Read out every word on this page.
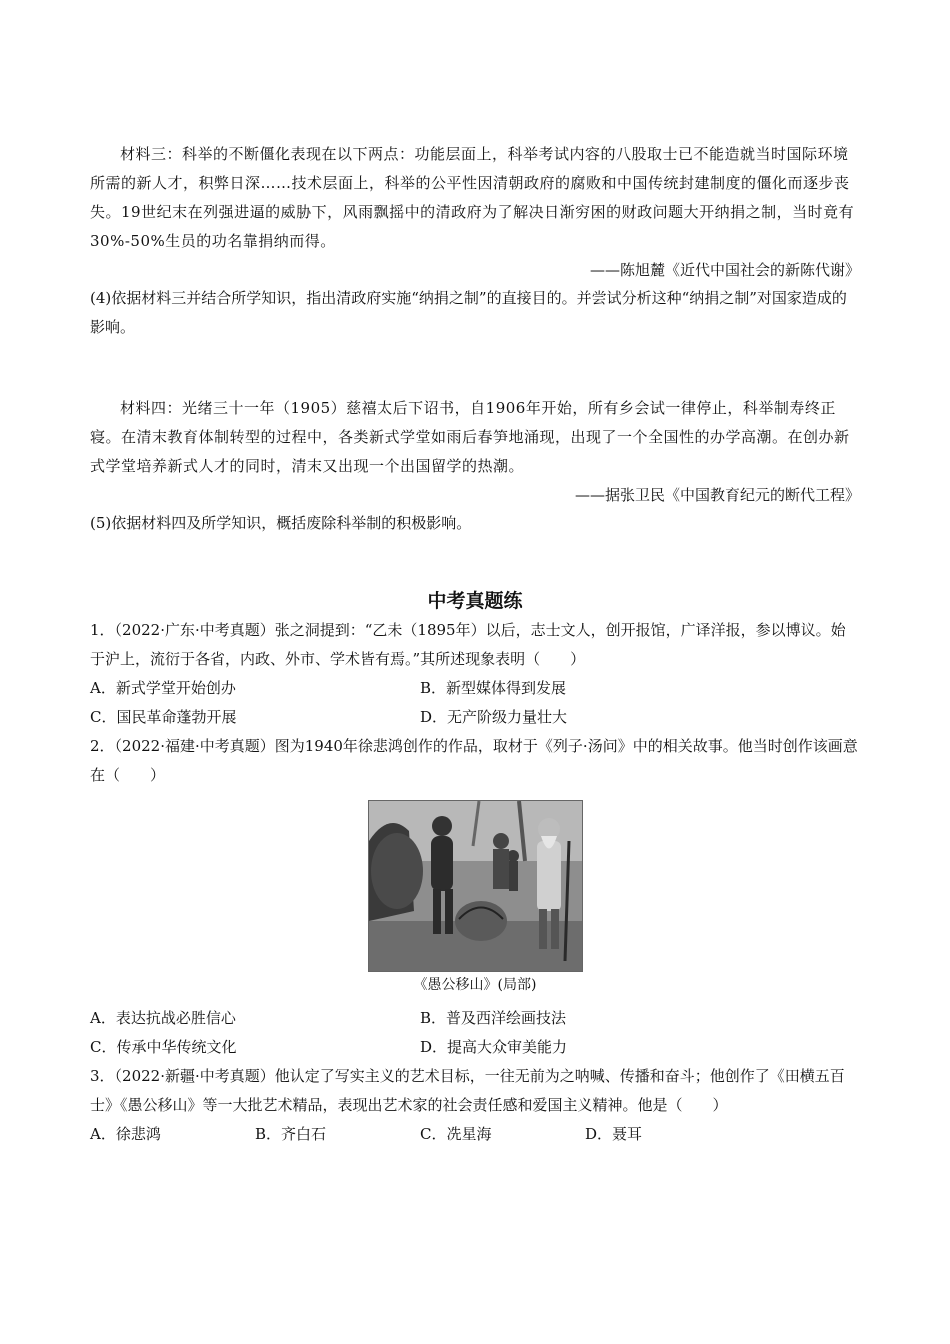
材料三：科举的不断僵化表现在以下两点：功能层面上，科举考试内容的八股取士已不能造就当时国际环境所需的新人才，积弊日深……技术层面上，科举的公平性因清朝政府的腐败和中国传统封建制度的僵化而逐步丧失。19世纪末在列强进逼的威胁下，风雨飘摇中的清政府为了解决日渐穷困的财政问题大开纳捐之制，当时竟有30%-50%生员的功名靠捐纳而得。

——陈旭麓《近代中国社会的新陈代谢》

(4)依据材料三并结合所学知识，指出清政府实施“纳捐之制”的直接目的。并尝试分析这种“纳捐之制”对国家造成的影响。

材料四：光绪三十一年（1905）慈禧太后下诏书，自1906年开始，所有乡会试一律停止，科举制寿终正寝。在清末教育体制转型的过程中，各类新式学堂如雨后春笋地涌现，出现了一个全国性的办学高潮。在创办新式学堂培养新式人才的同时，清末又出现一个出国留学的热潮。

——据张卫民《中国教育纪元的断代工程》

(5)依据材料四及所学知识，概括废除科举制的积极影响。

中考真题练

1．（2022·广东·中考真题）张之洞提到：“乙未（1895年）以后，志士文人，创开报馆，广译洋报，参以博议。始于沪上，流衍于各省，内政、外市、学术皆有焉。”其所述现象表明（　　）

A．新式学堂开始创办	B．新型媒体得到发展
C．国民革命蓬勃开展	D．无产阶级力量壮大

2．（2022·福建·中考真题）图为1940年徐悲鸿创作的作品，取材于《列子·汤问》中的相关故事。他当时创作该画意在（　　）

《愚公移山》(局部)
A．表达抗战必胜信心	B．普及西洋绘画技法
C．传承中华传统文化	D．提高大众审美能力

3．（2022·新疆·中考真题）他认定了写实主义的艺术目标，一往无前为之呐喊、传播和奋斗；他创作了《田横五百士》《愚公移山》等一大批艺术精品，表现出艺术家的社会责任感和爱国主义精神。他是（　　）

A．徐悲鸿	B．齐白石	C．冼星海	D．聂耳
